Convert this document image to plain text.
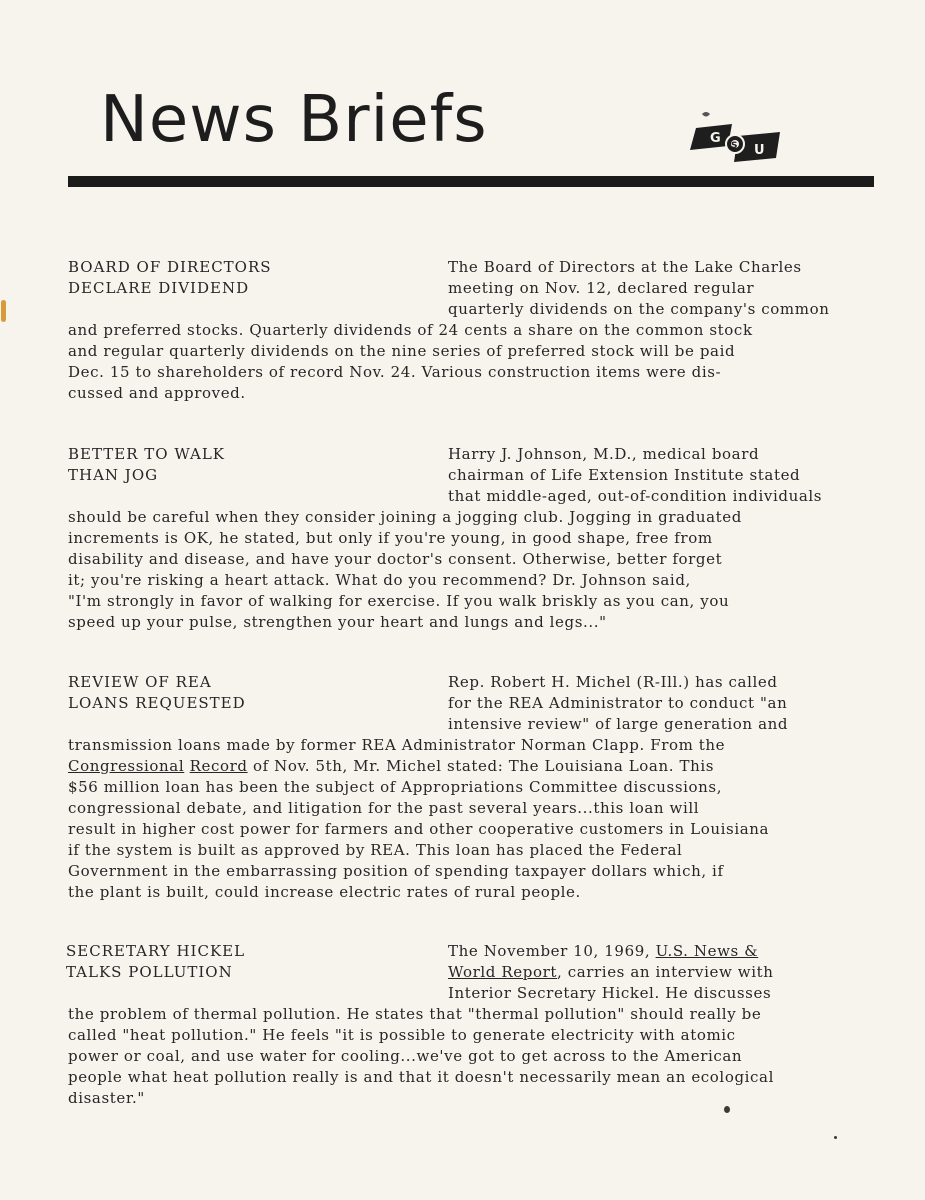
News Briefs	G S U
BOARD OF DIRECTORS
DECLARE DIVIDEND
The Board of Directors at the Lake Charles
meeting on Nov. 12, declared regular
quarterly dividends on the company's common
and preferred stocks. Quarterly dividends of 24 cents a share on the common stock
and regular quarterly dividends on the nine series of preferred stock will be paid
Dec. 15 to shareholders of record Nov. 24. Various construction items were dis-
cussed and approved.
BETTER TO WALK
THAN JOG
Harry J. Johnson, M.D., medical board
chairman of Life Extension Institute stated
that middle-aged, out-of-condition individuals
should be careful when they consider joining a jogging club. Jogging in graduated
increments is OK, he stated, but only if you're young, in good shape, free from
disability and disease, and have your doctor's consent. Otherwise, better forget
it; you're risking a heart attack. What do you recommend? Dr. Johnson said,
"I'm strongly in favor of walking for exercise. If you walk briskly as you can, you
speed up your pulse, strengthen your heart and lungs and legs..."
REVIEW OF REA
LOANS REQUESTED
Rep. Robert H. Michel (R-Ill.) has called
for the REA Administrator to conduct "an
intensive review" of large generation and
transmission loans made by former REA Administrator Norman Clapp. From the
Congressional Record of Nov. 5th, Mr. Michel stated: The Louisiana Loan. This
$56 million loan has been the subject of Appropriations Committee discussions,
congressional debate, and litigation for the past several years...this loan will
result in higher cost power for farmers and other cooperative customers in Louisiana
if the system is built as approved by REA. This loan has placed the Federal
Government in the embarrassing position of spending taxpayer dollars which, if
the plant is built, could increase electric rates of rural people.
SECRETARY HICKEL
TALKS POLLUTION
The November 10, 1969, U.S. News &
World Report, carries an interview with
Interior Secretary Hickel. He discusses
the problem of thermal pollution. He states that "thermal pollution" should really be
called "heat pollution." He feels "it is possible to generate electricity with atomic
power or coal, and use water for cooling...we've got to get across to the American
people what heat pollution really is and that it doesn't necessarily mean an ecological
disaster."
